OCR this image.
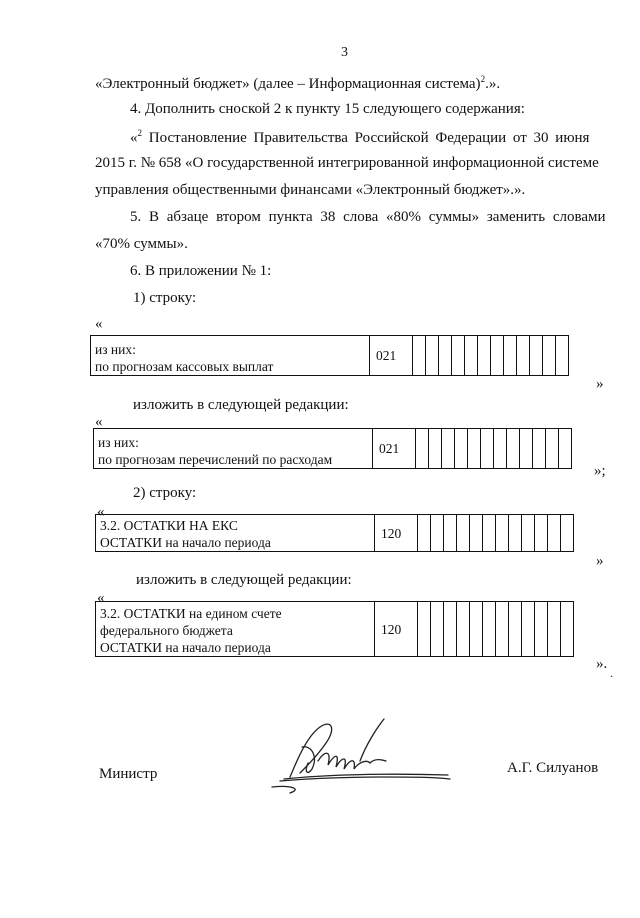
3
«Электронный бюджет» (далее – Информационная система)$^2$.».
4. Дополнить сноской 2 к пункту 15 следующего содержания:
«$^2$ Постановление Правительства Российской Федерации от 30 июня
2015 г. № 658 «О государственной интегрированной информационной системе
управления общественными финансами «Электронный бюджет».».
5. В абзаце втором пункта 38 слова «80% суммы» заменить словами
«70% суммы».
6. В приложении № 1:
1) строку:
«
из них:
по прогнозам кассовых выплат
	021												
»
изложить в следующей редакции:
«
из них:
по прогнозам перечислений по расходам
	021												
»;
2) строку:
«
3.2. ОСТАТКИ НА ЕКС
ОСТАТКИ на начало периода
	120												
»
изложить в следующей редакции:
«
3.2. ОСТАТКИ на едином счете
федерального бюджета
ОСТАТКИ на начало периода
	120												
».
.
Министр	А.Г. Силуанов
